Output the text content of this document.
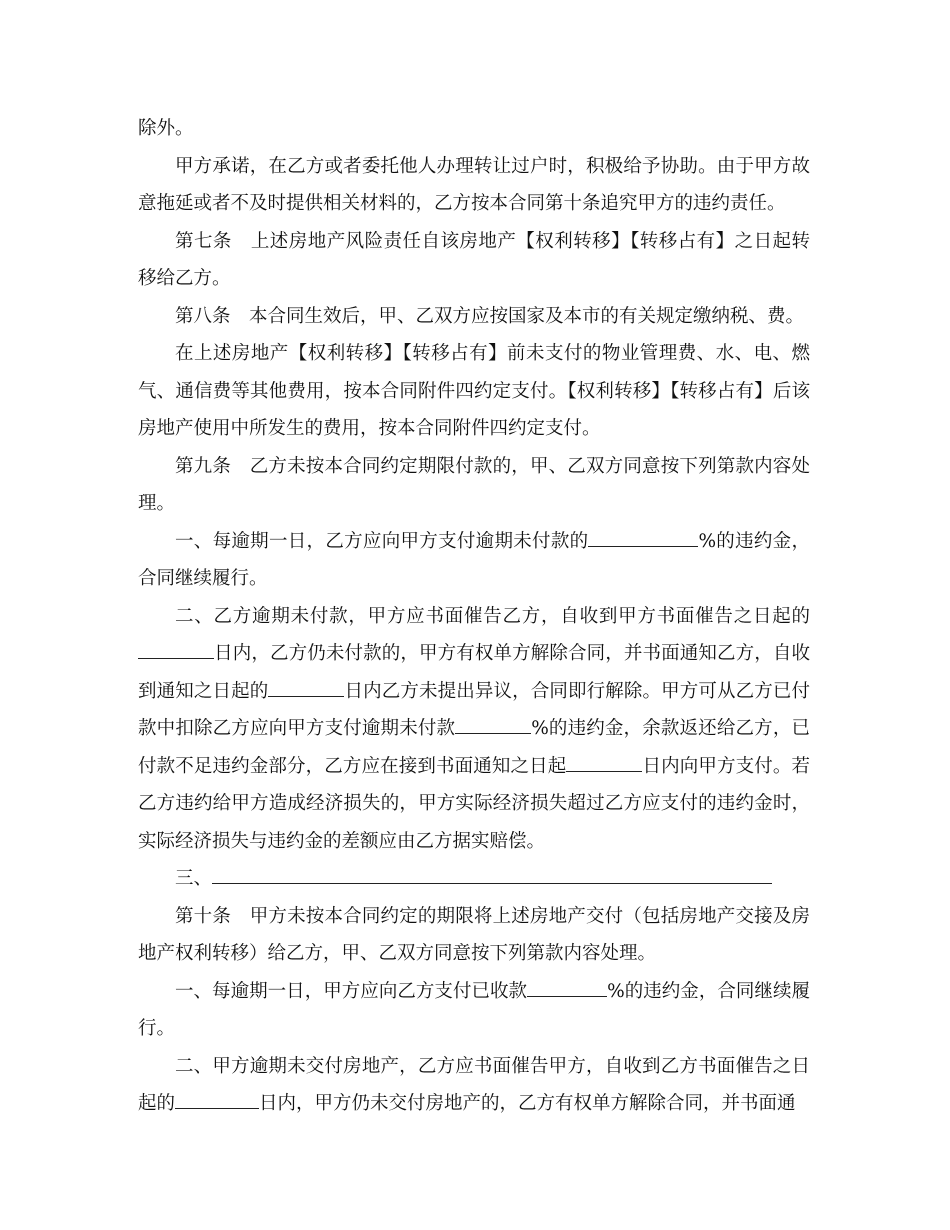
除外。

甲方承诺，在乙方或者委托他人办理转让过户时，积极给予协助。由于甲方故意拖延或者不及时提供相关材料的，乙方按本合同第十条追究甲方的违约责任。

第七条　上述房地产风险责任自该房地产【权利转移】【转移占有】之日起转移给乙方。

第八条　本合同生效后，甲、乙双方应按国家及本市的有关规定缴纳税、费。

在上述房地产【权利转移】【转移占有】前未支付的物业管理费、水、电、燃气、通信费等其他费用，按本合同附件四约定支付。【权利转移】【转移占有】后该房地产使用中所发生的费用，按本合同附件四约定支付。

第九条　乙方未按本合同约定期限付款的，甲、乙双方同意按下列第款内容处理。

一、每逾期一日，乙方应向甲方支付逾期未付款的	%的违约金，合同继续履行。

二、乙方逾期未付款，甲方应书面催告乙方，自收到甲方书面催告之日起的日内，乙方仍未付款的，甲方有权单方解除合同，并书面通知乙方，自收到通知之日起的	日内乙方未提出异议，合同即行解除。甲方可从乙方已付款中扣除乙方应向甲方支付逾期未付款	%的违约金，余款返还给乙方，已付款不足违约金部分，乙方应在接到书面通知之日起	日内向甲方支付。若乙方违约给甲方造成经济损失的，甲方实际经济损失超过乙方应支付的违约金时，实际经济损失与违约金的差额应由乙方据实赔偿。

三、

第十条　甲方未按本合同约定的期限将上述房地产交付（包括房地产交接及房地产权利转移）给乙方，甲、乙双方同意按下列第款内容处理。

一、每逾期一日，甲方应向乙方支付已收款	%的违约金，合同继续履行。

二、甲方逾期未交付房地产，乙方应书面催告甲方，自收到乙方书面催告之日起的	日内，甲方仍未交付房地产的，乙方有权单方解除合同，并书面通
